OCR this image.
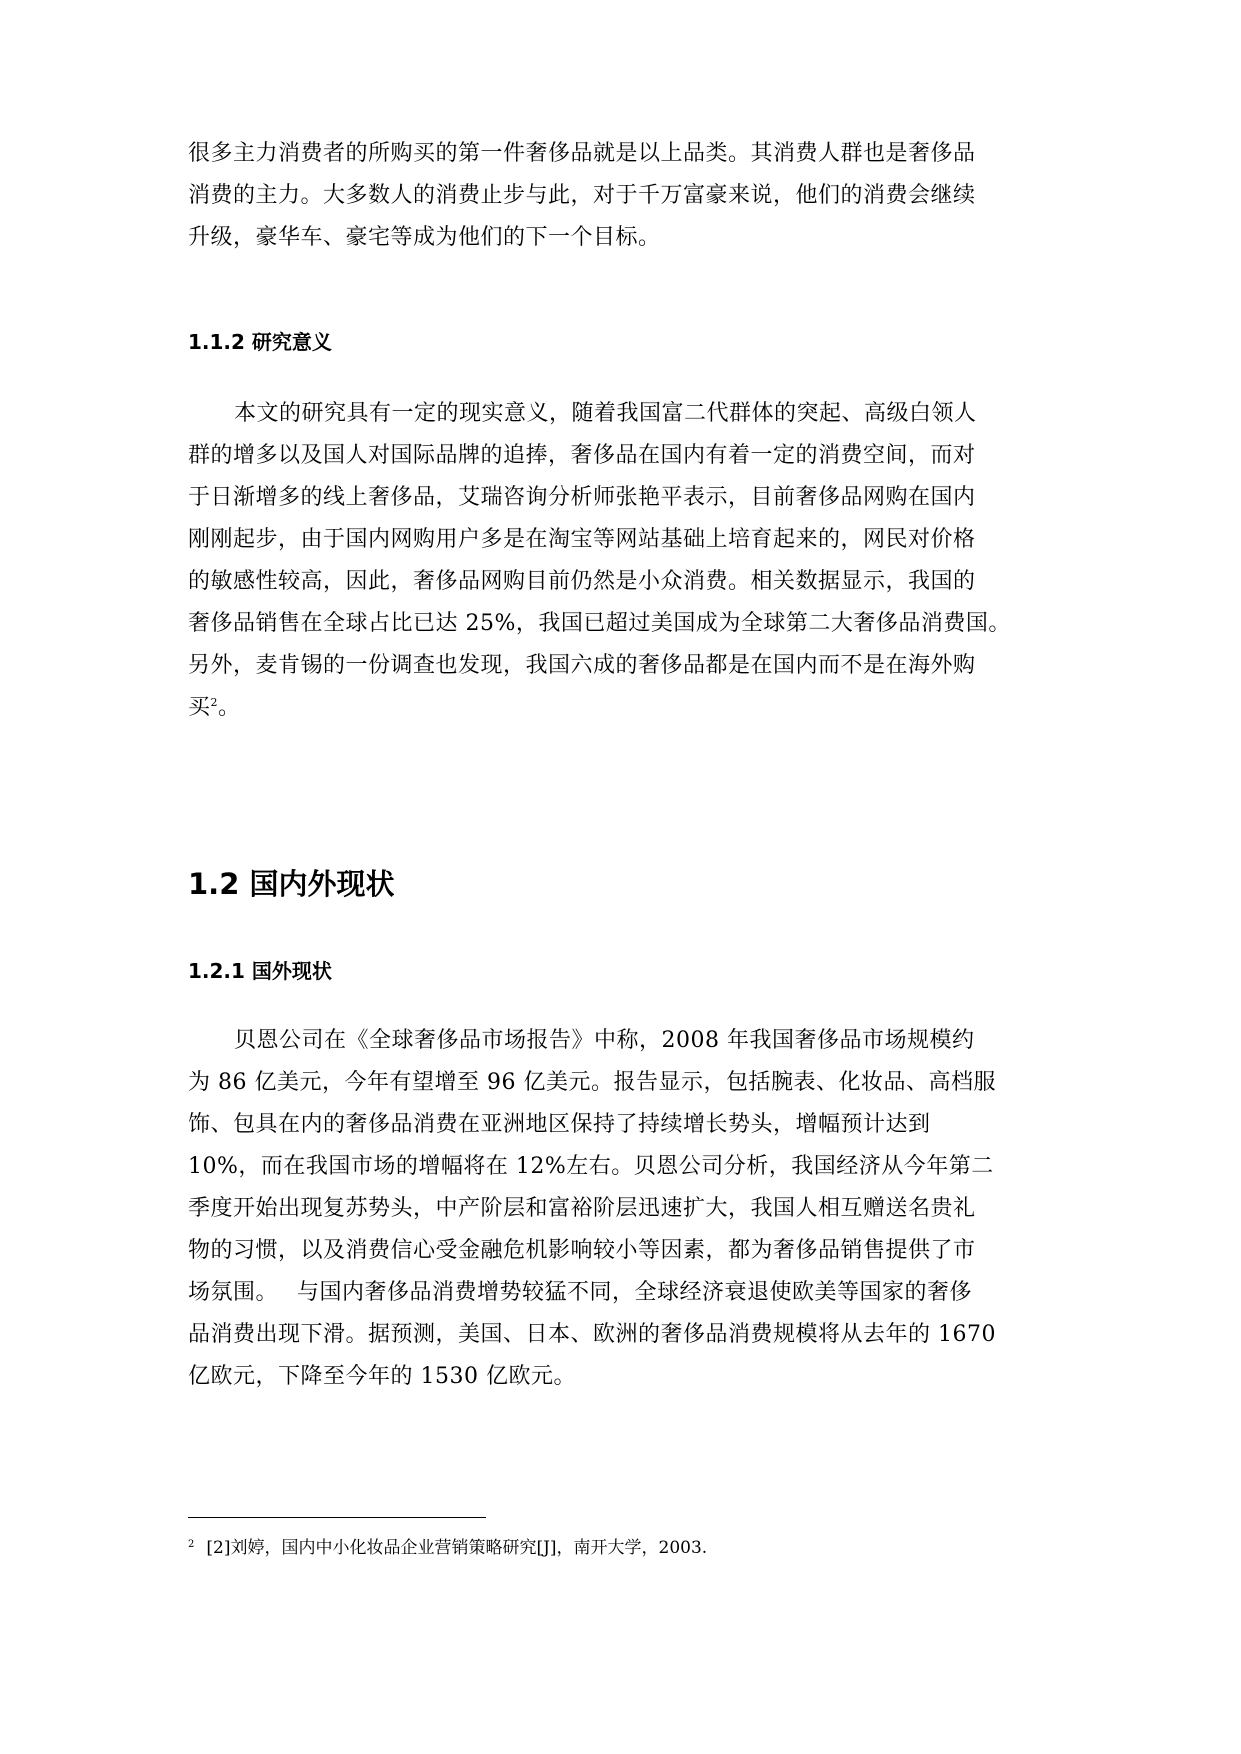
很多主力消费者的所购买的第一件奢侈品就是以上品类。其消费人群也是奢侈品
消费的主力。大多数人的消费止步与此，对于千万富豪来说，他们的消费会继续
升级，豪华车、豪宅等成为他们的下一个目标。

1.1.2 研究意义

本文的研究具有一定的现实意义，随着我国富二代群体的突起、高级白领人
群的增多以及国人对国际品牌的追捧，奢侈品在国内有着一定的消费空间，而对
于日渐增多的线上奢侈品，艾瑞咨询分析师张艳平表示，目前奢侈品网购在国内
刚刚起步，由于国内网购用户多是在淘宝等网站基础上培育起来的，网民对价格
的敏感性较高，因此，奢侈品网购目前仍然是小众消费。相关数据显示，我国的
奢侈品销售在全球占比已达 25%，我国已超过美国成为全球第二大奢侈品消费国。
另外，麦肯锡的一份调查也发现，我国六成的奢侈品都是在国内而不是在海外购
买$^2$。

1.2 国内外现状

1.2.1 国外现状

贝恩公司在《全球奢侈品市场报告》中称，2008 年我国奢侈品市场规模约
为 86 亿美元，今年有望增至 96 亿美元。报告显示，包括腕表、化妆品、高档服
饰、包具在内的奢侈品消费在亚洲地区保持了持续增长势头，增幅预计达到
10%，而在我国市场的增幅将在 12%左右。贝恩公司分析，我国经济从今年第二
季度开始出现复苏势头，中产阶层和富裕阶层迅速扩大，我国人相互赠送名贵礼
物的习惯，以及消费信心受金融危机影响较小等因素，都为奢侈品销售提供了市
场氛围。　 与国内奢侈品消费增势较猛不同，全球经济衰退使欧美等国家的奢侈
品消费出现下滑。据预测，美国、日本、欧洲的奢侈品消费规模将从去年的 1670
亿欧元，下降至今年的 1530 亿欧元。

$^2$ [2]刘婷，国内中小化妆品企业营销策略研究[J]，南开大学，2003.
